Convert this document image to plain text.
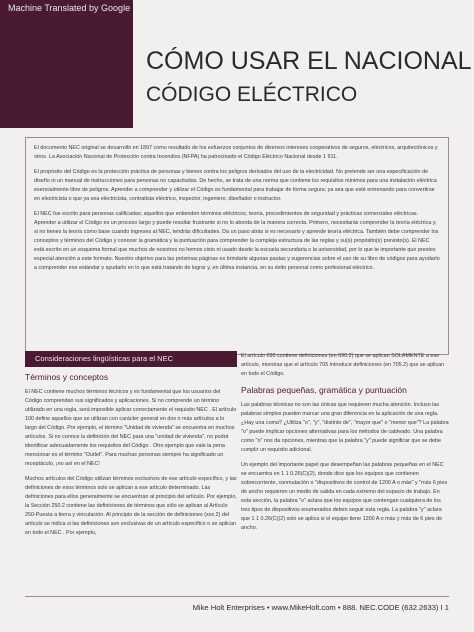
Machine Translated by Google
CÓMO USAR EL NACIONAL
CÓDIGO ELÉCTRICO

El documento NEC original se desarrolló en 1897 como resultado de los esfuerzos conjuntos de diversos intereses cooperativos de seguros, eléctricos, arquitectónicos y otros. La Asociación Nacional de Protección contra Incendios (NFPA) ha patrocinado el Código Eléctrico Nacional desde 1 911.

El propósito del Código es la protección práctica de personas y bienes contra los peligros derivados del uso de la electricidad. No pretende ser una especificación de diseño ni un manual de instrucciones para personas no capacitadas. De hecho, se trata de una norma que contiene los requisitos mínimos para una instalación eléctrica esencialmente libre de peligros. Aprender a comprender y utilizar el Código es fundamental para trabajar de forma segura; ya sea que esté entrenando para convertirse en electricista o que ya sea electricista, contratista eléctrico, inspector, ingeniero, diseñador o instructor.

El NEC fue escrito para personas calificadas; aquellos que entienden términos eléctricos, teoría, procedimientos de seguridad y prácticas comerciales eléctricas. Aprender a utilizar el Código es un proceso largo y puede resultar frustrante si no lo aborda de la manera correcta. Primero, necesitarás comprender la teoría eléctrica y, si no tienes la teoría como base cuando ingreses al NEC, tendrás dificultades. Da un paso atrás si es necesario y aprende teoría eléctrica. También debe comprender los conceptos y términos del Código y conocer la gramática y la puntuación para comprender la compleja estructura de las reglas y su(s) propósito(s) previsto(s). El NEC está escrito en un esquema formal que muchos de nosotros no hemos visto ni usado desde la escuela secundaria o la universidad, por lo que te importante que prestes especial atención a este formato. Nuestro objetivo para las próximas páginas es brindarle algunas pautas y sugerencias sobre el uso de su libro de códigos para ayudarlo a comprender ese estándar y ayudarlo en lo que está tratando de lograr y, en última instancia, en su éxito personal como profesional eléctrico.

Consideraciones lingüísticas para el NEC
Términos y conceptos

El NEC contiene muchos términos técnicos y es fundamental que los usuarios del Código comprendan sus significados y aplicaciones. Si no comprende un término utilizado en una regla, será imposible aplicar correctamente el requisito NEC . El artículo 100 define aquellos que se utilizan con carácter general en dos o más artículos a lo largo del Código. Por ejemplo, el término "Unidad de vivienda" se encuentra en muchos artículos. Si no conoce la definición del NEC para una "unidad de vivienda", no podrá identificar adecuadamente los requisitos del Código . Otro ejemplo que vale la pena mencionar es el término "Outlet". Para muchas personas siempre ha significado un receptáculo, ¡no así en el NEC!

Muchos artículos del Código utilizan términos exclusivos de ese artículo específico, y las definiciones de esos términos solo se aplican a ese artículo determinado. Las definiciones para ellos generalmente se encuentran al principio del artículo. Por ejemplo, la Sección 250.2 contiene las definiciones de términos que sólo se aplican al Artículo 250-Puesta a tierra y vinculación. Al principio de la sección de definiciones (xxx.2) del artículo se indica si las definiciones son exclusivas de un artículo específico o se aplican en todo el NEC . Por ejemplo,

El artículo 690 contiene definiciones (en 690.2) que se aplican SOLAMENTE a ese artículo, mientras que el artículo 705 introduce definiciones (en 705.2) que se aplican en todo el Código.

Palabras pequeñas, gramática y puntuación

Las palabras técnicas no son las únicas que requieren mucha atención. Incluso las palabras simples pueden marcar una gran diferencia en la aplicación de una regla. ¿Hay una coma? ¿Utiliza "o", "y", "distinto de", "mayor que" o "menor que"? La palabra "o" puede implicar opciones alternativas para los métodos de cableado. Una palabra como "o" nos da opciones, mientras que la palabra "y" puede significar que se debe cumplir un requisito adicional.

Un ejemplo del importante papel que desempeñan las palabras pequeñas en el NEC se encuentra en 1 1 0.26(C)(2), donde dice que los equipos que contienen sobrecorriente, conmutación o "dispositivos de control de 1200 A o más" y "más 6 pies de ancho requieren un medio de salida en cada extremo del espacio de trabajo. En esta sección, la palabra "o" aclara que los equipos que contengan cualquiera de los tres tipos de dispositivos enumerados deben seguir esta regla. La palabra "y" aclara que 1 1 0.26(C)(2) solo se aplica si el equipo tiene 1200 A o más y más de 6 pies de ancho.

Mike Holt Enterprises • www.MikeHolt.com • 888. NEC.CODE (632.2633) I 1
